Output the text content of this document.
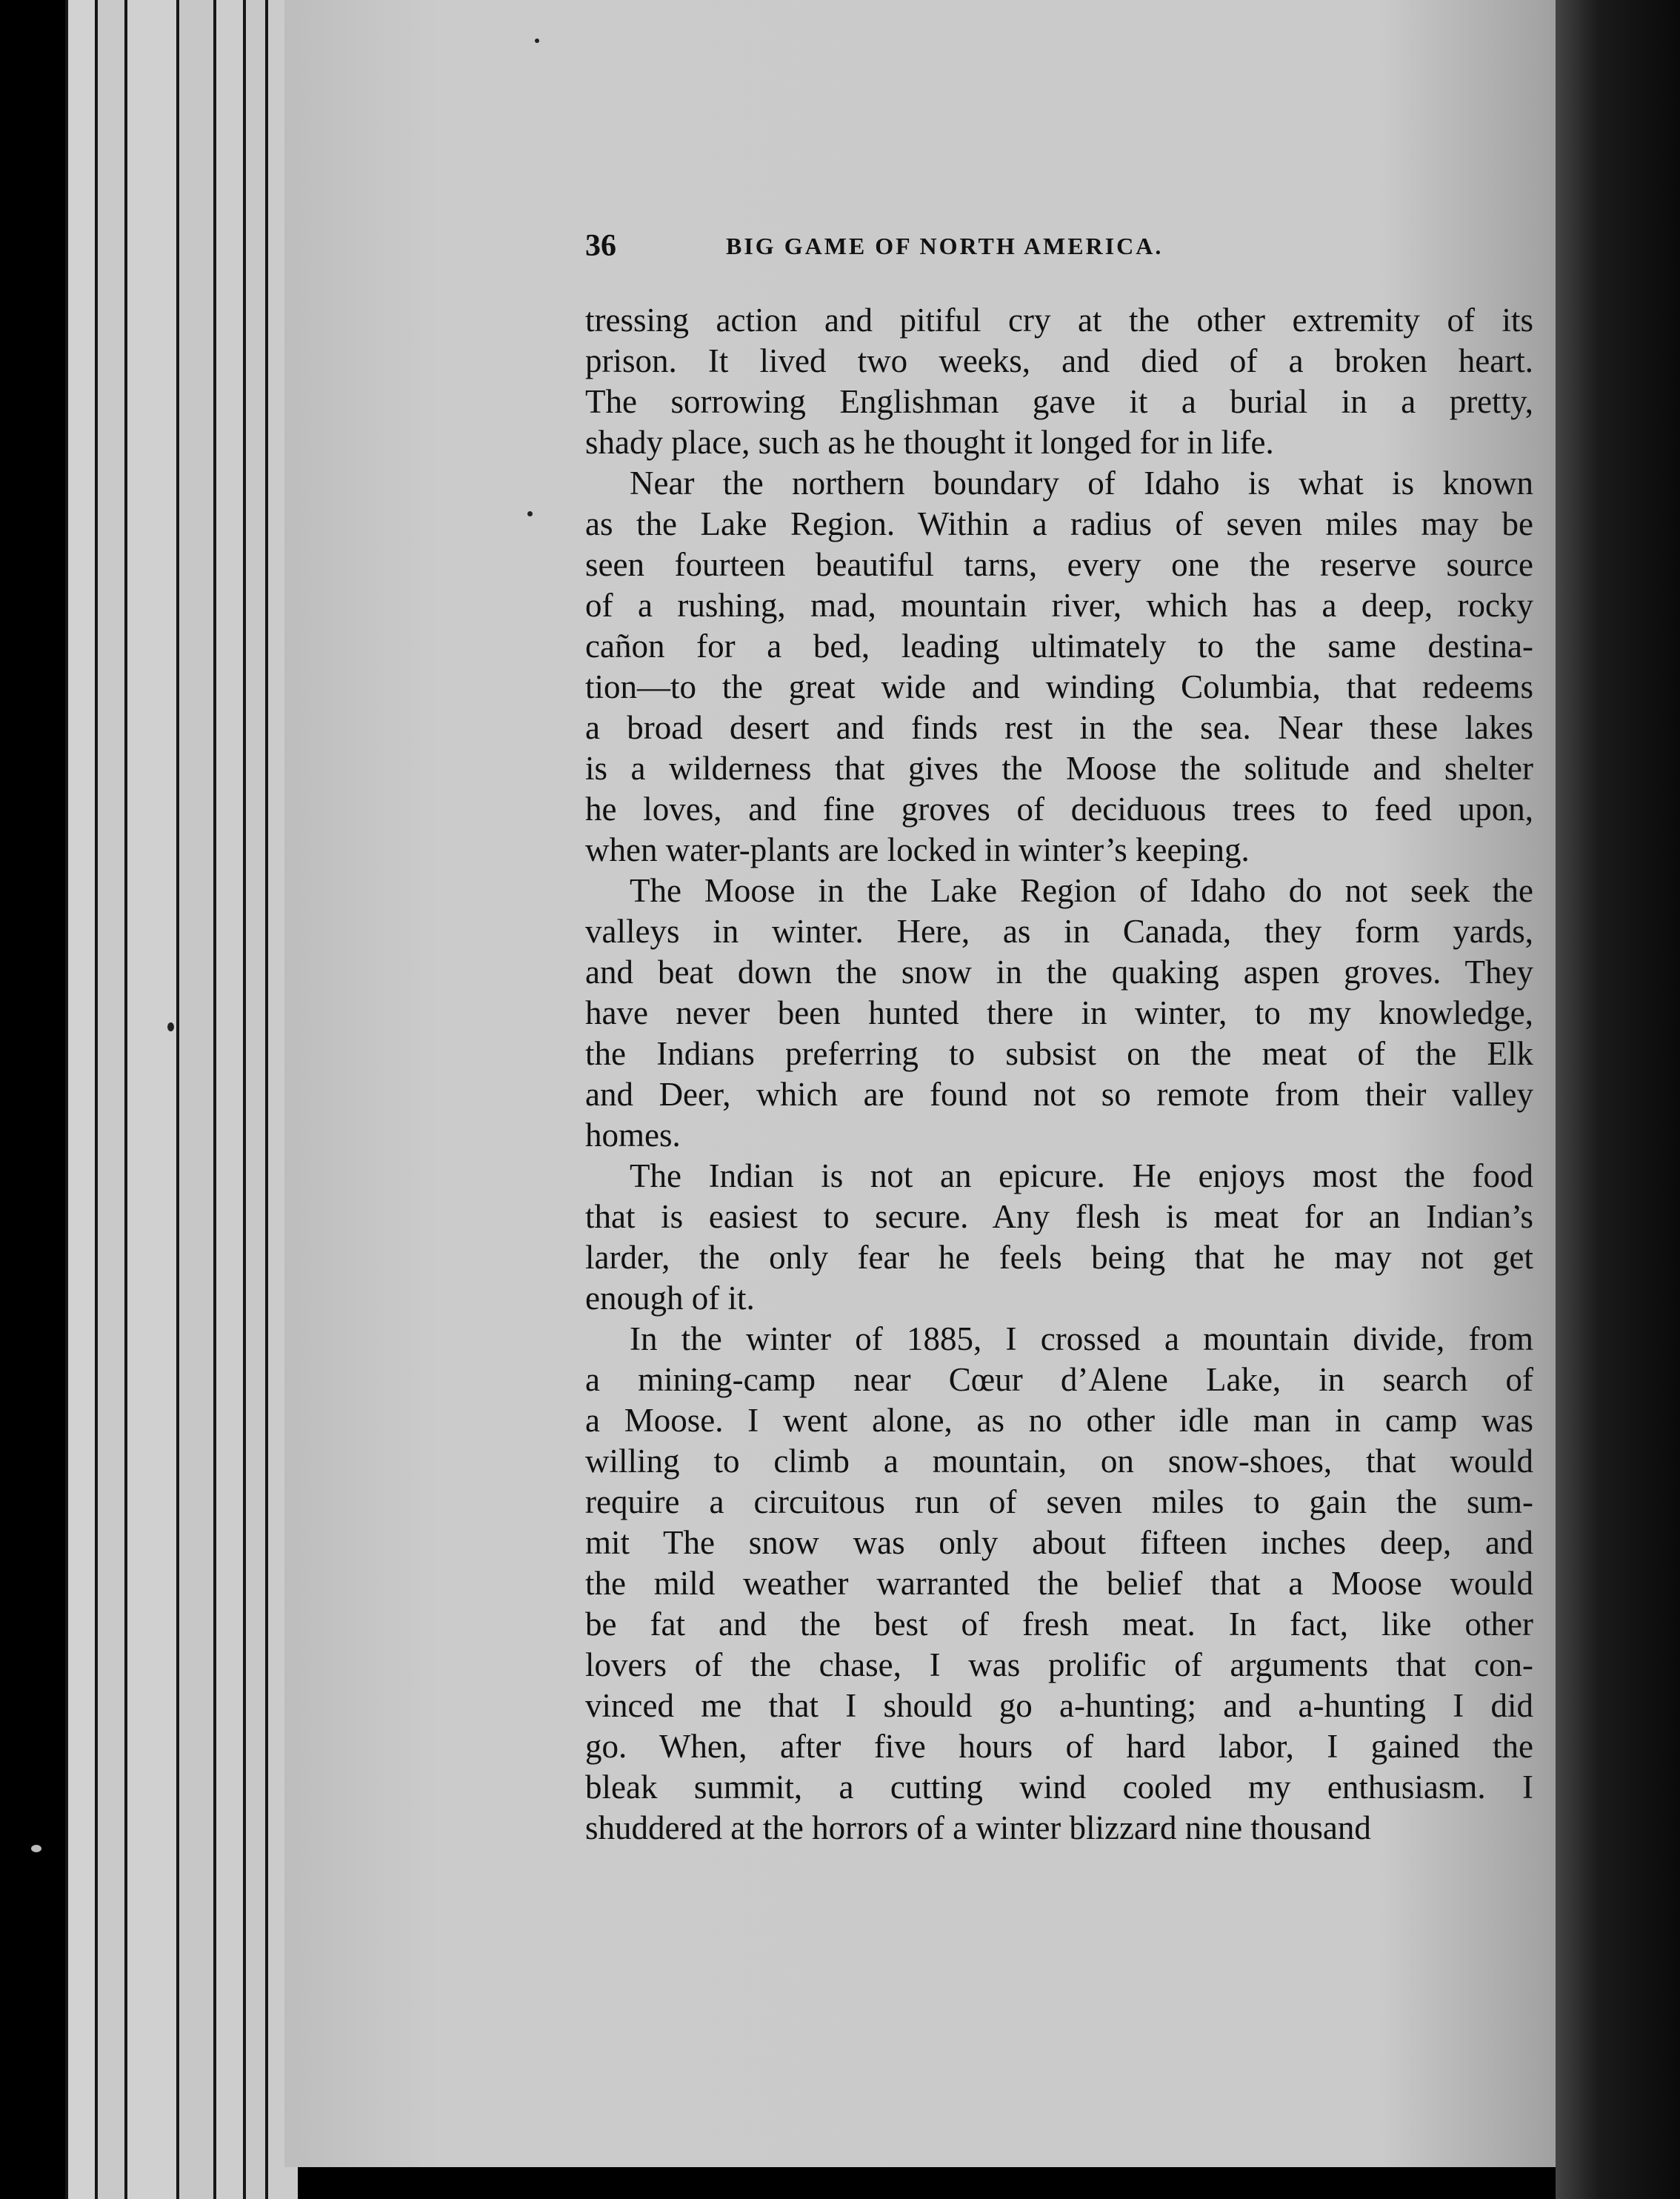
36	BIG GAME OF NORTH AMERICA.

tressing action and pitiful cry at the other extremity of its
prison. It lived two weeks, and died of a broken heart.
The sorrowing Englishman gave it a burial in a pretty,
shady place, such as he thought it longed for in life.

Near the northern boundary of Idaho is what is known
as the Lake Region. Within a radius of seven miles may be
seen fourteen beautiful tarns, every one the reserve source
of a rushing, mad, mountain river, which has a deep, rocky
cañon for a bed, leading ultimately to the same destina-
tion—to the great wide and winding Columbia, that redeems
a broad desert and finds rest in the sea. Near these lakes
is a wilderness that gives the Moose the solitude and shelter
he loves, and fine groves of deciduous trees to feed upon,
when water-plants are locked in winter’s keeping.

The Moose in the Lake Region of Idaho do not seek the
valleys in winter. Here, as in Canada, they form yards,
and beat down the snow in the quaking aspen groves. They
have never been hunted there in winter, to my knowledge,
the Indians preferring to subsist on the meat of the Elk
and Deer, which are found not so remote from their valley
homes.

The Indian is not an epicure. He enjoys most the food
that is easiest to secure. Any flesh is meat for an Indian’s
larder, the only fear he feels being that he may not get
enough of it.

In the winter of 1885, I crossed a mountain divide, from
a mining-camp near Cœur d’Alene Lake, in search of
a Moose. I went alone, as no other idle man in camp was
willing to climb a mountain, on snow-shoes, that would
require a circuitous run of seven miles to gain the sum-
mit The snow was only about fifteen inches deep, and
the mild weather warranted the belief that a Moose would
be fat and the best of fresh meat. In fact, like other
lovers of the chase, I was prolific of arguments that con-
vinced me that I should go a-hunting; and a-hunting I did
go. When, after five hours of hard labor, I gained the
bleak summit, a cutting wind cooled my enthusiasm. I
shuddered at the horrors of a winter blizzard nine thousand
